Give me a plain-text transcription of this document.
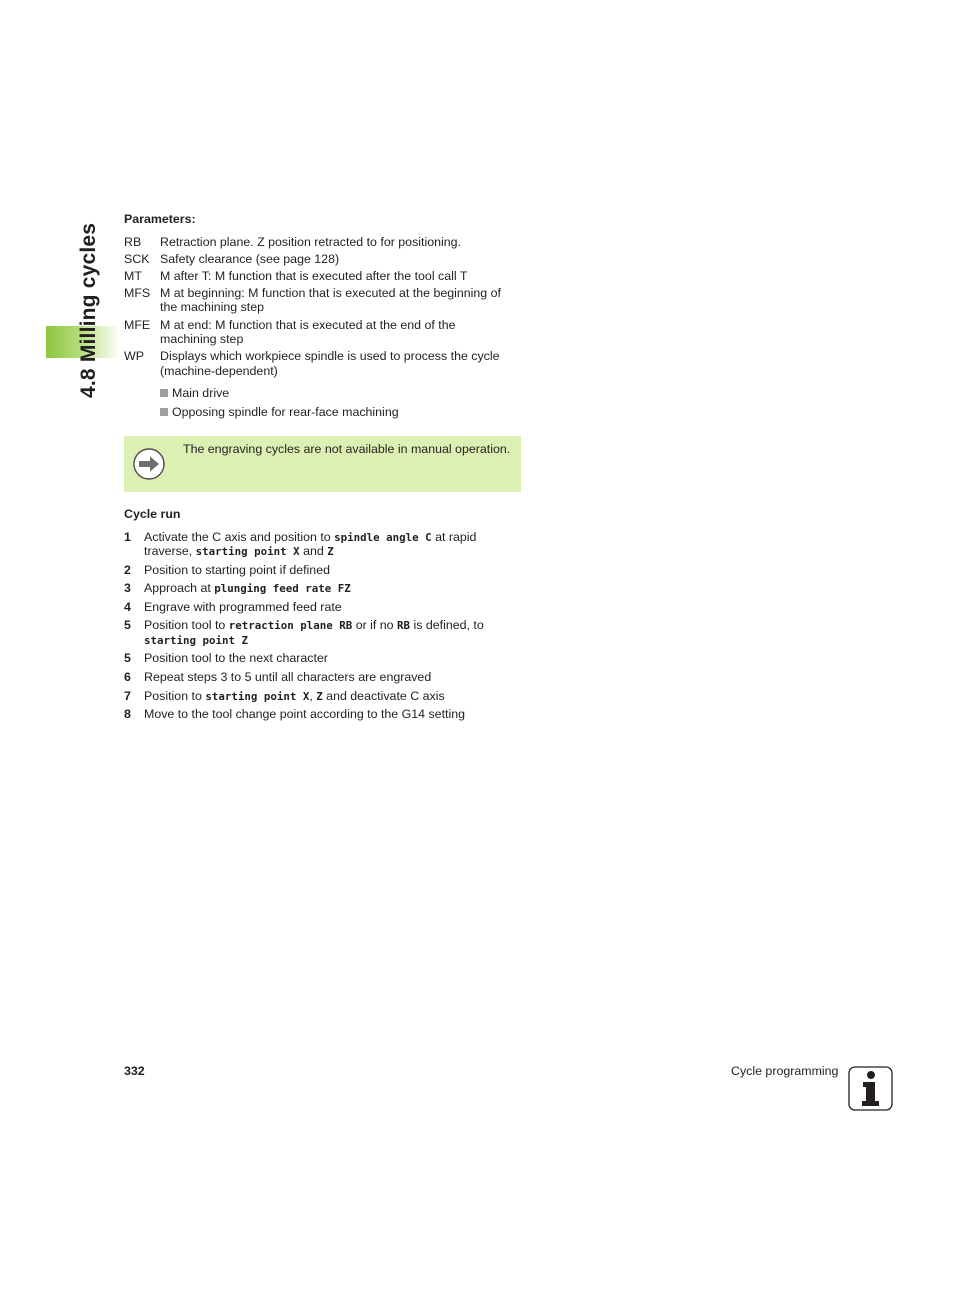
4.8 Milling cycles
Parameters:
RB Retraction plane. Z position retracted to for positioning.
SCK Safety clearance (see page 128)
MT M after T: M function that is executed after the tool call T
MFS M at beginning: M function that is executed at the beginning of
the machining step
MFE M at end: M function that is executed at the end of the
machining step
WP Displays which workpiece spindle is used to process the cycle
(machine-dependent)
Main drive
Opposing spindle for rear-face machining
The engraving cycles are not available in manual operation.
Cycle run
1 Activate the C axis and position to spindle angle C at rapid
traverse, starting point X and Z
2 Position to starting point if defined
3 Approach at plunging feed rate FZ
4 Engrave with programmed feed rate
5 Position tool to retraction plane RB or if no RB is defined, to
starting point Z
5 Position tool to the next character
6 Repeat steps 3 to 5 until all characters are engraved
7 Position to starting point X, Z and deactivate C axis
8 Move to the tool change point according to the G14 setting
332	Cycle programming
